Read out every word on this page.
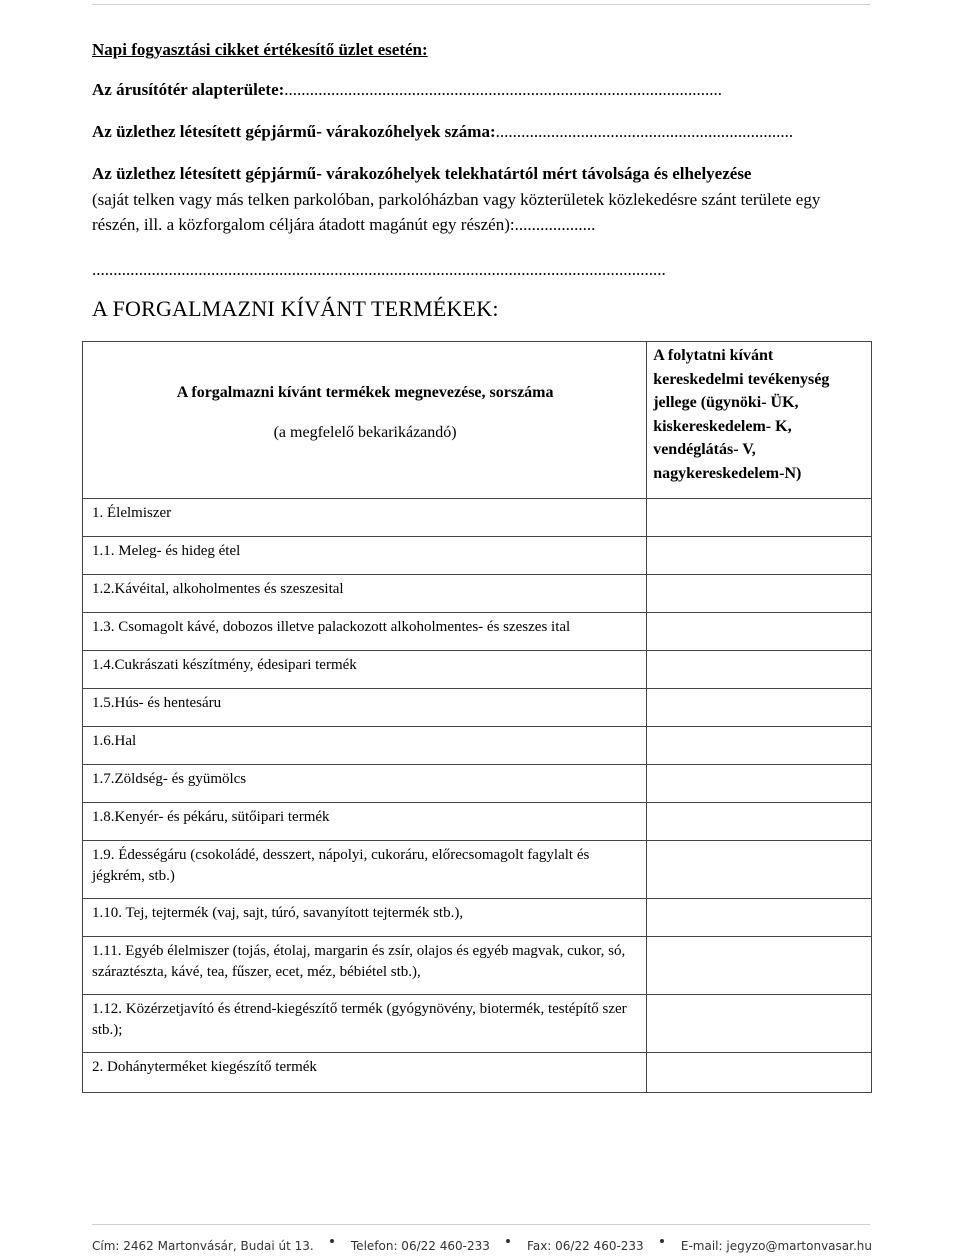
Napi fogyasztási cikket értékesítő üzlet esetén:
Az árusítótér alapterülete:.......................................................................................................
Az üzlethez létesített gépjármű- várakozóhelyek száma:......................................................................
Az üzlethez létesített gépjármű- várakozóhelyek telekhatártól mért távolsága és elhelyezése
(saját telken vagy más telken parkolóban, parkolóházban vagy közterületek közlekedésre szánt területe egy részén, ill. a közforgalom céljára átadott magánút egy részén):...................
.......................................................................................................................................
A FORGALMAZNI KÍVÁNT TERMÉKEK:
A forgalmazni kívánt termékek megnevezése, sorszáma
(a megfelelő bekarikázandó)	A folytatni kívánt kereskedelmi tevékenység jellege (ügynöki- ÜK, kiskereskedelem- K, vendéglátás- V, nagykereskedelem-N)
1. Élelmiszer	
1.1. Meleg- és hideg étel	
1.2.Kávéital, alkoholmentes és szeszesital	
1.3. Csomagolt kávé, dobozos illetve palackozott alkoholmentes- és szeszes ital	
1.4.Cukrászati készítmény, édesipari termék	
1.5.Hús- és hentesáru	
1.6.Hal	
1.7.Zöldség- és gyümölcs	
1.8.Kenyér- és pékáru, sütőipari termék	
1.9. Édességáru (csokoládé, desszert, nápolyi, cukoráru, előrecsomagolt fagylalt és jégkrém, stb.)	
1.10. Tej, tejtermék (vaj, sajt, túró, savanyított tejtermék stb.),	
1.11. Egyéb élelmiszer (tojás, étolaj, margarin és zsír, olajos és egyéb magvak, cukor, só, száraztészta, kávé, tea, fűszer, ecet, méz, bébiétel stb.),	
1.12. Közérzetjavító és étrend-kiegészítő termék (gyógynövény, biotermék, testépítő szer stb.);	
2. Dohányterméket kiegészítő termék	
Cím: 2462 Martonvásár, Budai út 13.	Telefon: 06/22 460-233	Fax: 06/22 460-233	E-mail: jegyzo@martonvasar.hu
